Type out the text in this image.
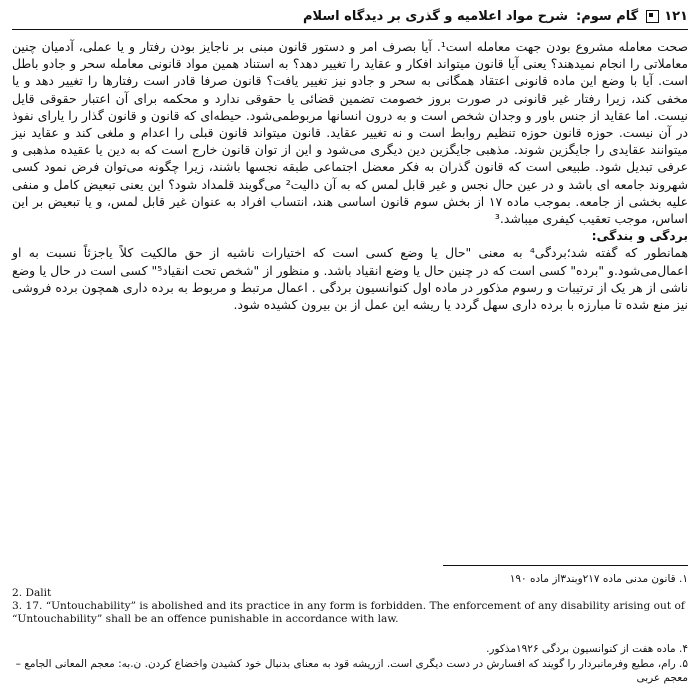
۱۲۱
گام سوم:
شرح مواد اعلامیه و گذری بر دیدگاه اسلام

صحت معامله مشروع بودن جهت معامله است¹. آیا بصرف امر و دستور قانون مبنی بر ناجایز بودن رفتار و یا عملی، آدمیان چنین معاملاتی را انجام نمیدهند؟ یعنی آیا قانون میتواند افکار و عقاید را تغییر دهد؟ به استناد همین مواد قانونی معامله سحر و جادو باطل است. آیا با وضع این ماده قانونی اعتقاد همگانی به سحر و جادو نیز تغییر یافت؟ قانون صرفا قادر است رفتارها را تغییر دهد و یا مخفی کند، زیرا رفتار غیر قانونی در صورت بروز خصومت تضمین قضائی یا حقوقی ندارد و محکمه برای آن اعتبار حقوقی قایل نیست. اما عقاید از جنس باور و وجدان شخص است و به درون انسانها مربوطمی‌شود. حیطه‌ای که قانون و قانون گذار را یارای نفوذ در آن نیست. حوزه قانون حوزه تنظیم روابط است و نه تغییر عقاید. قانون میتواند قانون قبلی را اعدام و ملغی کند و عقاید نیز میتوانند عقایدی را جایگزین شوند. مذهبی جایگزین دین دیگری می‌شود و این از توان قانون خارج است که به دین یا عقیده مذهبی و عرفی تبدیل شود. طبیعی است که قانون گذران به فکر معضل اجتماعی طبقه نجسها باشند، زیرا چگونه می‌توان فرض نمود کسی شهروند جامعه ای باشد و در عین حال نجس و غیر قابل لمس که به آن دالیت² می‌گویند قلمداد شود؟ این یعنی تبعیض کامل و منفی علیه بخشی از جامعه. بموجب ماده ۱۷ از بخش سوم قانون اساسی هند، انتساب افراد به عنوان غیر قابل لمس، و یا تبعیض بر این اساس، موجب تعقیب کیفری میباشد.³

بردگی و بندگی:

همانطور که گفته شد؛بردگی⁴ به معنی "حال یا وضع کسی است که اختیارات ناشیه از حق مالکیت کلاً یاجزئاً نسبت به او اعمال‌می‌شود.و "برده" کسی است که در چنین حال یا وضع انقیاد باشد. و منظور از "شخص تحت انقیاد⁵" کسی است در حال یا وضع ناشی از هر یک از ترتیبات و رسوم مذکور در ماده اول کنوانسیون بردگی . اعمال مرتبط و مربوط به برده داری همچون برده فروشی نیز منع شده تا مبارزه با برده داری سهل گردد یا ریشه این عمل از بن بیرون کشیده شود.

۱. قانون مدنی ماده ۲۱۷وبند۳از ماده ۱۹۰
2. Dalit
3. 17. “Untouchability” is abolished and its practice in any form is forbidden. The enforcement of any disability arising out of “Untouchability” shall be an offence punishable in accordance with law.
۴. ماده هفت از کنوانسیون بردگی ۱۹۲۶مذکور.
۵. رام، مطیع وفرمانبردار را گویند که افسارش در دست دیگری است. ازریشه قود به معنای بدنبال خود کشیدن واخضاع کردن. ن.به: معجم المعانی الجامع – معجم عربی
